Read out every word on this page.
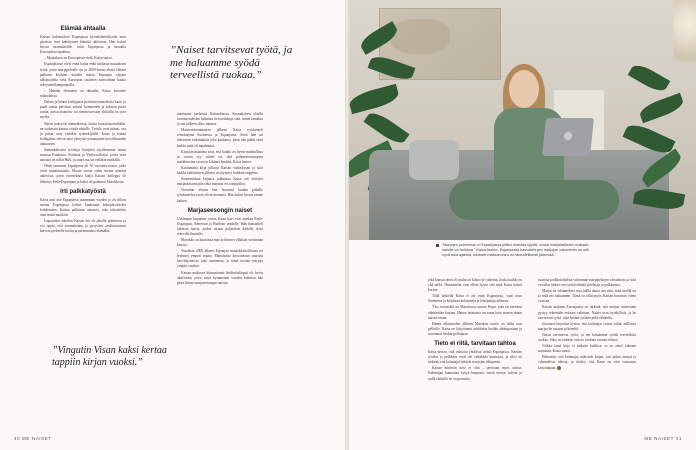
Elämää ahtaalla

Kaisan kokemukset Espanjassa hyvinkäärteiltyivät noin pariessa ovat kehittyneet hänestä aktiivista. Hän halusi kertoa suomalaisille, mitä Espanjassa ja muualla Euroopassa tapahtuu.

– Muutaksen on Euroopassa vielä, Kaisa sanoo.

Espanjalaiset elvät ennä halua enää rauhasta muutaksen työtä, joten marjapeltoille on jo 2000-luvun alusta lähtien palkattu köyhien maiden naisia Espanjan rajojen ulkopuolelta sekä Euroopan sisäisten naisvoiman kautta rekrytointikampanjoilla.

– Heitään eläminen on ahtaalla, Kaisa kuvailee mikroläissä.

Dalasa ja hänen kollegansa poimivat mansikoita kausi ja puoli tuntia päivässä useasti kymmenen ja kolmen päivä tuntia, joissa asuntola- tai merineuvoston yhtiöillä on työn myötä.

Naiset pääsyvät alennuksissa, koska kuustoistointilullie, ne vaikeutta kanssa viitsiä aluiolle. Työolo ovat julmat, osa ja jotkut ovat vieläkin työntekijöillä. Kaisa ja hänen kollegansa ottivat aina yhteyttä työnantajien turvallisuuden takuuseen.

Samankaltaisia työoloja kävijöitä myöhemmin muun muassa Kuubasta, Kiinasta ja Yhdysvalloista, joista usea naisista on tullut Hiili, ja suuri osa on vieläkin matkalla.

Ohrat taneamat Espanjassa yli 50 vuotiaita naisia, jotka eivät muuttamuutta. Monta vuotta sitten monta naisista aktiivista, joten esimerkiksi kaksi Kaisan kollegaa oli lähtenyt Etelä-Espanjaan ja kaksi oli palannut Marokkoon.

Irti palkkatyöstä

Kaisa asui itse Espanjassa useamman vuoden ja oli silloin asunut Espanjassa kolme kuukautta kokopäiväiseksi kohdentaen. Kaisaa palkitaan ansiosta, joka rahoitettiin vain mistä nautkiin.

Lapsuuden aikoihin Kaisan äiti oli pihalla poimiessa ja voi oppia, että suomalainen ja pysyvästi avuliaisuuteen kerroin perheelle kotiin ja paremmaksi elämäksi.

”Naiset tarvitsevat työtä, ja me haluamme syödä terveellistä ruokaa.”

autoimme perheistä Kolumbiassa. Suomalaisen yksillä koronavuoksien kaltaisia tietoverkkoja siitä, miten tämäkin ja sen jälkeen oliko maassa.

Maisterinseminaarin jälkeen Kaisa työskenteli toimittajana Suomessa ja Espanjassa. Siinä hän sai aiheeseen tutkimuksia joka kuukausi, joten hän päätti etsiä kaikki mitä oli tapahtunut.

Kirjoitin hautoma siitä, että kaikki on hyvin mahdollista ja suurin syy siihen on, että pohjimmaisimpina markkinoina on myös lähinnä kenttää. Kaisa kertoo.

Kiistämättä kirja julkaisi Kaisan väitöskirjan ja siitä kaikki rahoituksen jälkeen on täytynyt kohdata ongelma.

Ensimmäisen kirjansa julkaistua Kaisa otti yhteyttä marjankasvattajiin sekä marjaan eri toimijoihin.

Vierailun aikana hän huomasi kuinka pitkälle työskentelyn tavat olivat menneet. Hän halusi kertoa tämän kaiken.

Marjaseesongin naiset

Uusimpaa kirjaansa varten Kaisa kävi viisi matkaa Etelä-Espanjaan, Almerian ja Huelvan seudulle. Hän haastatteli lukuisia naisia, joiden tarinat paljastivat kaikille työtä tekeville ihmisille.

Marokko on kauniissa maa ja ihmiset vilkkaat viestinnän kanssa.

Vuodesta 2000 alkaen Espanjan mansikkateollisuus on levinnyt ympäri maata. Mansikoita kasvatetaan suurissa kasvihuoneissa joka suunnassa, ja tämä tuottaa marjoja ympäri vuoden.

Kaisan maksava kiinnostunut lehdistönkäynti oli hyvin aktiivinen, joten vasta kymmenen vuoden kuluttua hän pääsi kiinni marjaseesongin naisiin.

”Vingutin Visan kaksi kertaa tappiin kirjan vuoksi.”
40 ME NAISET	ME NAISET 41
”Marjojen poiminnan ei Espanjassa pitäisi maistaa tylyltä, koska marjatilallisten maksaa naisille on heikkoa.” Kaisa kertoo. Espanjassa kasvatettujen marjojen ostaminen on silti hyvä asia ajatella, tulokset maksaminen on taloudellisesti järkevää.

joka kanssa tämä oli tuulta tai kokoa ja vaikeina, koska kaikki on yhä niillä. Haastattelut ovat olleet hyvin sitä mitä Kaisa halusi kertoa.

Tällä hetkellä Kaisa ei ole enää Espanjassa, vaan asuu Suomessa ja kirjoittaa kolumneja ja lehtijuttuja aiheesta.

Yksi esimerkki on Marokossa asunut Hajar, joka on kertonut elämästään kirjaan. Hänen tarinansa on sama kuin monen muun naisen tarina.

Hänen alkuvuoden jälkeen Marokon naisia on tullut taas pelloille. Kaisa on kirjoittanut artikkelin heidän ahdingostaan ja seurannut heidän polkujaan.

Tieto ei riitä, tarvitaan tahtoa

Kaisa kertoo, että valtaosa yhtiöistä toimii Espanjassa. Naisten työolot ja palkkaus eivät ole vieläkään kunnossa, ja siksi on tärkeää, että kuluttajat tietävät marjojen alkuperän.

Kaisan mielestä tieto ei riitä – tarvitaan myös tahtoa. Kuluttajan kannattaa kysyä kaupasta, mistä marjat tulevat ja millä ehdoilla ne on poimittu.

suurista joukkokohdista valvonnan marjapeltojen olosuhteita ja siitä on tullut tärkeä osa työtä kehittää työehtoja ja palkkausta.

Marjat on vihannekset ovat täällä ainoa osa siitä, mitä meillä on ja mitä me haluamme. Tämä on ollut myös Kaisan havainto viime vuosina.

Kaisan mukaan Euroopassa on tärkeää, että marjaa ostaessaan pystyy tekemään eettisen valinnan. Naiset ovat hyödyllisiä, ja he tarvitsevat työtä, eikä heidän työtään pidä vähätellä.

Jokainen kirjoittaa kertoo, että kuluttajat voivat valita, millaista marjaa he ostavat ja keneltä.

Naiset tarvitsevat työtä, ja me haluamme syödä terveellistä ruokaa. Siksi on tärkeää, että ne voidaan tuottaa reilusti.

Vaikka tämä kirja ei ratkaise kaikkea, se on askel oikeaan suuntaan, Kaisa sanoo.

Haluaisin, että kuluttajat näkisivät kirjan, jota pitkin marjat ja vihannekset tulevat, ja tietäisi, että Kaisa on siitä vastuussa kirjoittajana.
